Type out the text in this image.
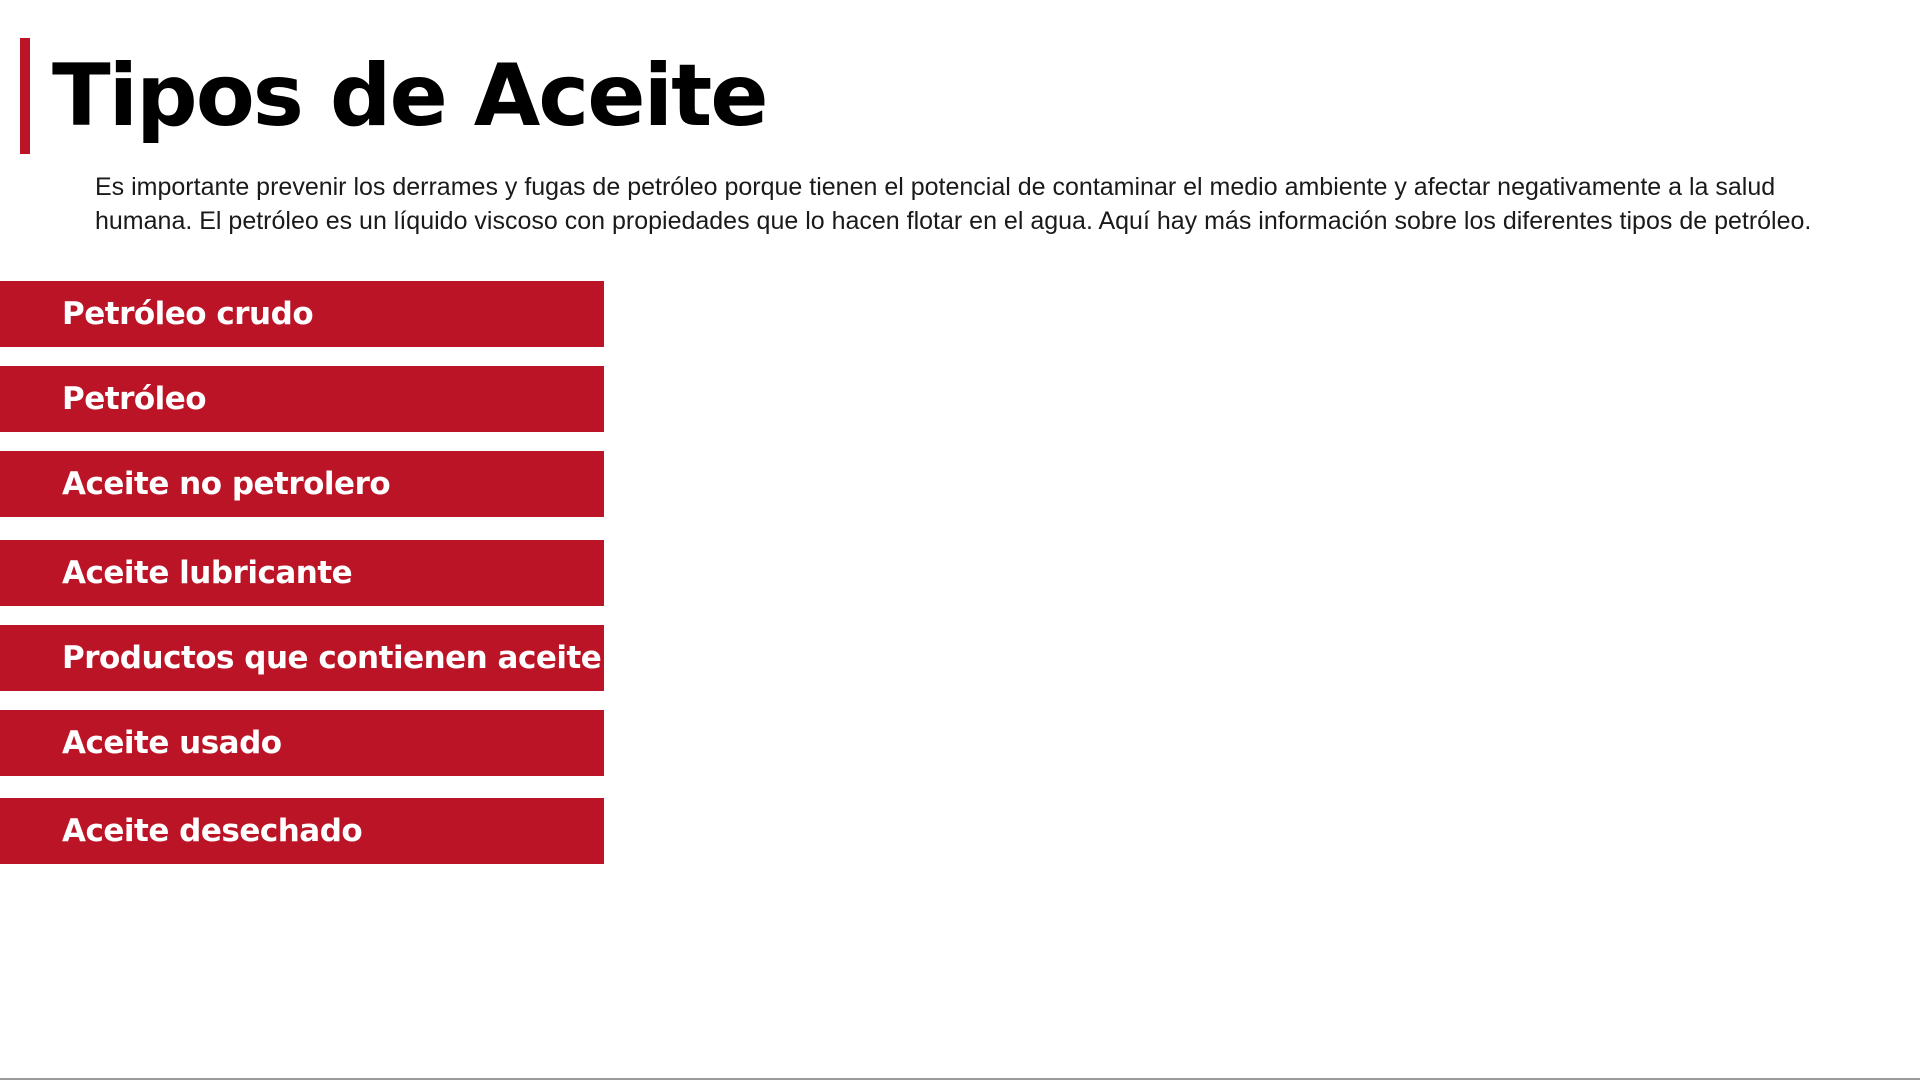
Tipos de Aceite

Es importante prevenir los derrames y fugas de petróleo porque tienen el potencial de contaminar el medio ambiente y afectar negativamente a la salud humana. El petróleo es un líquido viscoso con propiedades que lo hacen flotar en el agua. Aquí hay más información sobre los diferentes tipos de petróleo.

Petróleo crudo
Petróleo
Aceite no petrolero
Aceite lubricante
Productos que contienen aceite
Aceite usado
Aceite desechado
